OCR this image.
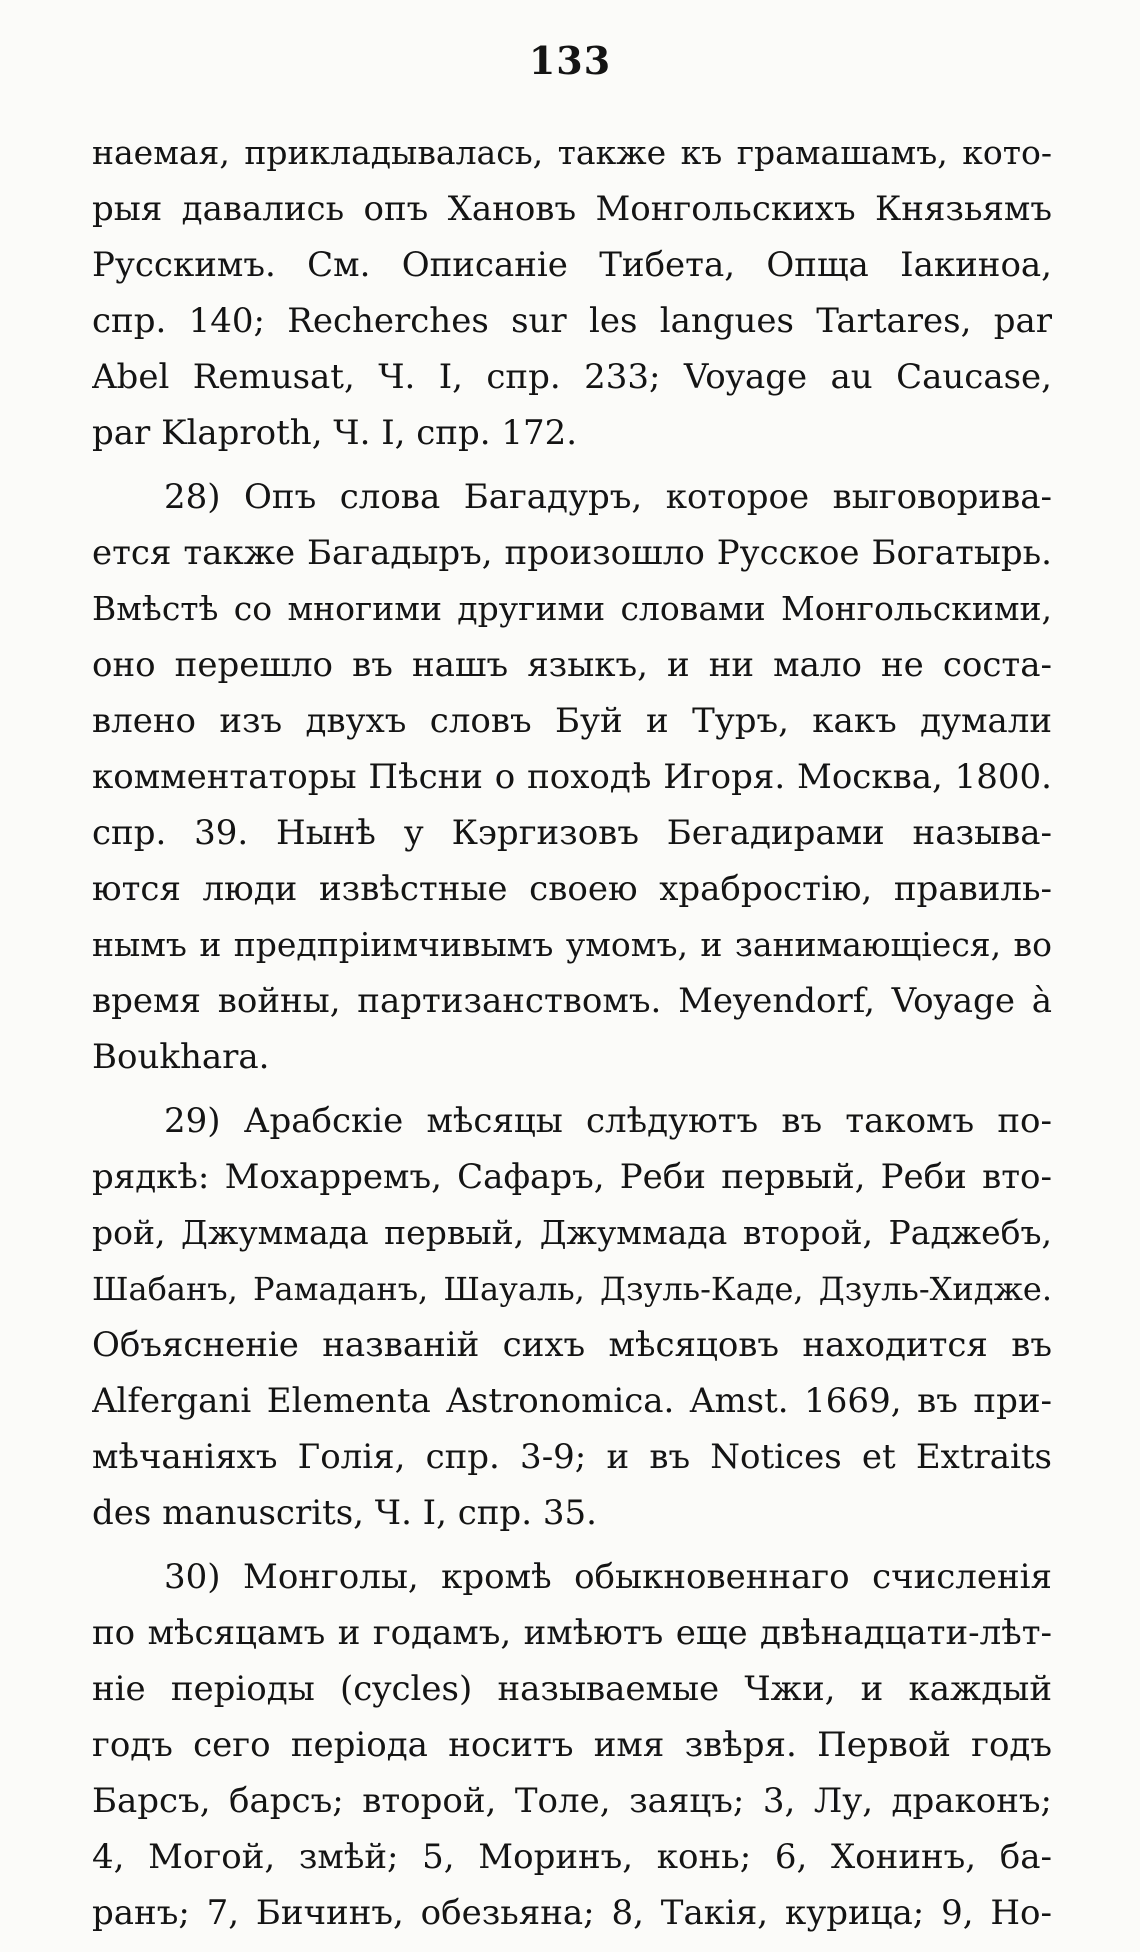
133
наемая, прикладывалась, также къ грамашамъ, кото-
рыя давались опъ Хановъ Монгольскихъ Князьямъ
Русскимъ. См. Описаніе Тибета, Опща Іакиноа,
спр. 140; Recherches sur les langues Tartares, par
Abel Remusat, Ч. I, спр. 233; Voyage au Caucase,
par Klaproth, Ч. I, спр. 172.
28) Опъ слова Багадуръ, которое выговорива-
ется также Багадыръ, произошло Русское Богатырь.
Вмѣстѣ со многими другими словами Монгольскими,
оно перешло въ нашъ языкъ, и ни мало не соста-
влено изъ двухъ словъ Буй и Туръ, какъ думали
комментаторы Пѣсни о походѣ Игоря. Москва, 1800.
спр. 39. Нынѣ у Кэргизовъ Бегадирами называ-
ются люди извѣстные своею храбростію, правиль-
нымъ и предпріимчивымъ умомъ, и занимающіеся, во
время войны, партизанствомъ. Meyendorf, Voyage à
Boukhara.
29) Арабскіе мѣсяцы слѣдуютъ въ такомъ по-
рядкѣ: Мохарремъ, Сафаръ, Реби первый, Реби вто-
рой, Джуммада первый, Джуммада второй, Раджебъ,
Шабанъ, Рамаданъ, Шауаль, Дзуль-Каде, Дзуль-Хидже.
Объясненіе названій сихъ мѣсяцовъ находится въ
Alfergani Elementa Astronomica. Amst. 1669, въ при-
мѣчаніяхъ Голія, спр. 3-9; и въ Notices et Extraits
des manuscrits, Ч. I, спр. 35.
30) Монголы, кромѣ обыкновеннаго счисленія
по мѣсяцамъ и годамъ, имѣютъ еще двѣнадцати-лѣт-
ніе періоды (cycles) называемые Чжи, и каждый
годъ сего періода носитъ имя звѣря. Первой годъ
Барсъ, барсъ; второй, Толе, заяцъ; 3, Лу, драконъ;
4, Могой, змѣй; 5, Моринъ, конь; 6, Хонинъ, ба-
ранъ; 7, Бичинъ, обезьяна; 8, Такія, курица; 9, Но-
